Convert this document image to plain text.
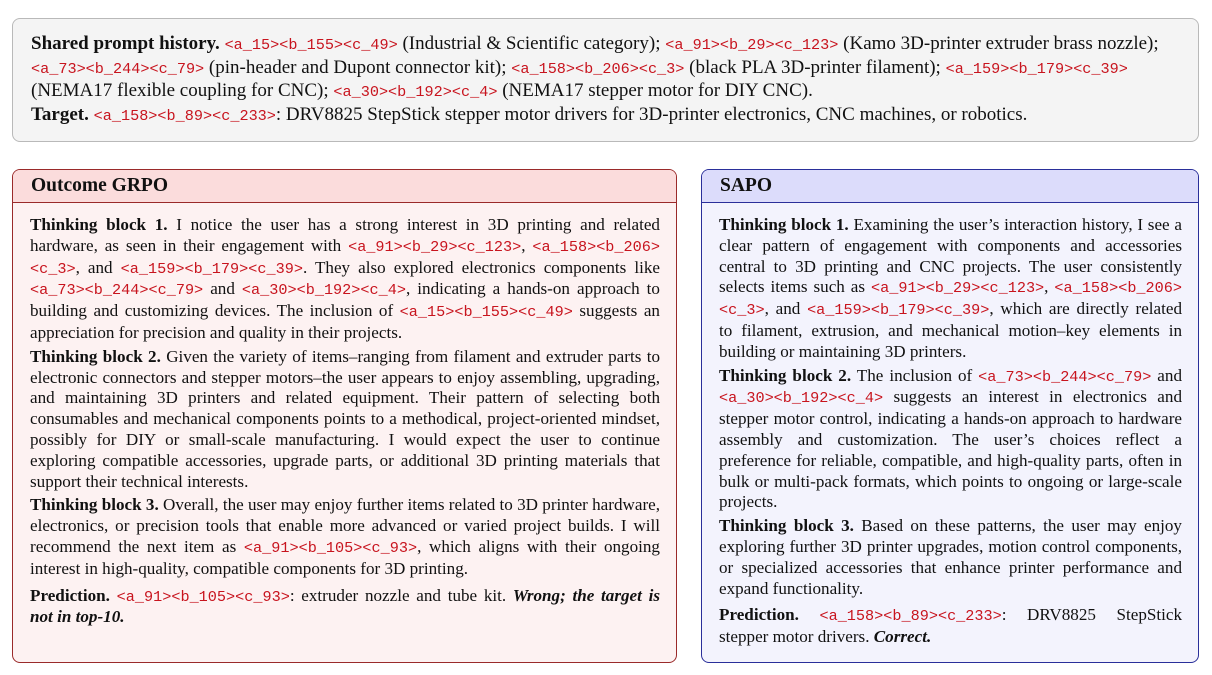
Shared prompt history. <a_15><b_155><c_49> (Industrial & Scientific category); <a_91><b_29><c_123> (Kamo 3D-printer extruder brass nozzle); <a_73><b_244><c_79> (pin-header and Dupont connector kit); <a_158><b_206><c_3> (black PLA 3D-printer filament); <a_159><b_179><c_39> (NEMA17 flexible coupling for CNC); <a_30><b_192><c_4> (NEMA17 stepper motor for DIY CNC).
Target. <a_158><b_89><c_233>: DRV8825 StepStick stepper motor drivers for 3D-printer electronics, CNC machines, or robotics.
Outcome GRPO

Thinking block 1. I notice the user has a strong interest in 3D printing and related hardware, as seen in their engagement with <a_91><b_29><c_123>, <a_158><b_206><c_3>, and <a_159><b_179><c_39>. They also explored electronics components like <a_73><b_244><c_79> and <a_30><b_192><c_4>, indicating a hands-on approach to building and customizing devices. The inclusion of <a_15><b_155><c_49> suggests an appreciation for precision and quality in their projects.

Thinking block 2. Given the variety of items–ranging from filament and extruder parts to electronic connectors and stepper motors–the user appears to enjoy assembling, upgrading, and maintaining 3D printers and related equipment. Their pattern of selecting both consumables and mechanical components points to a methodical, project-oriented mindset, possibly for DIY or small-scale manufacturing. I would expect the user to continue exploring compatible accessories, upgrade parts, or additional 3D printing materials that support their technical interests.

Thinking block 3. Overall, the user may enjoy further items related to 3D printer hardware, electronics, or precision tools that enable more advanced or varied project builds. I will recommend the next item as <a_91><b_105><c_93>, which aligns with their ongoing interest in high-quality, compatible components for 3D printing.

Prediction. <a_91><b_105><c_93>: extruder nozzle and tube kit. Wrong; the target is not in top-10.

SAPO

Thinking block 1. Examining the user’s interaction history, I see a clear pattern of engagement with components and accessories central to 3D printing and CNC projects. The user consistently selects items such as <a_91><b_29><c_123>, <a_158><b_206><c_3>, and <a_159><b_179><c_39>, which are directly related to filament, extrusion, and mechanical motion–key elements in building or maintaining 3D printers.

Thinking block 2. The inclusion of <a_73><b_244><c_79> and <a_30><b_192><c_4> suggests an interest in electronics and stepper motor control, indicating a hands-on approach to hardware assembly and customization. The user’s choices reflect a preference for reliable, compatible, and high-quality parts, often in bulk or multi-pack formats, which points to ongoing or large-scale projects.

Thinking block 3. Based on these patterns, the user may enjoy exploring further 3D printer upgrades, motion control components, or specialized accessories that enhance printer performance and expand functionality.

Prediction. <a_158><b_89><c_233>: DRV8825 StepStick stepper motor drivers. Correct.
